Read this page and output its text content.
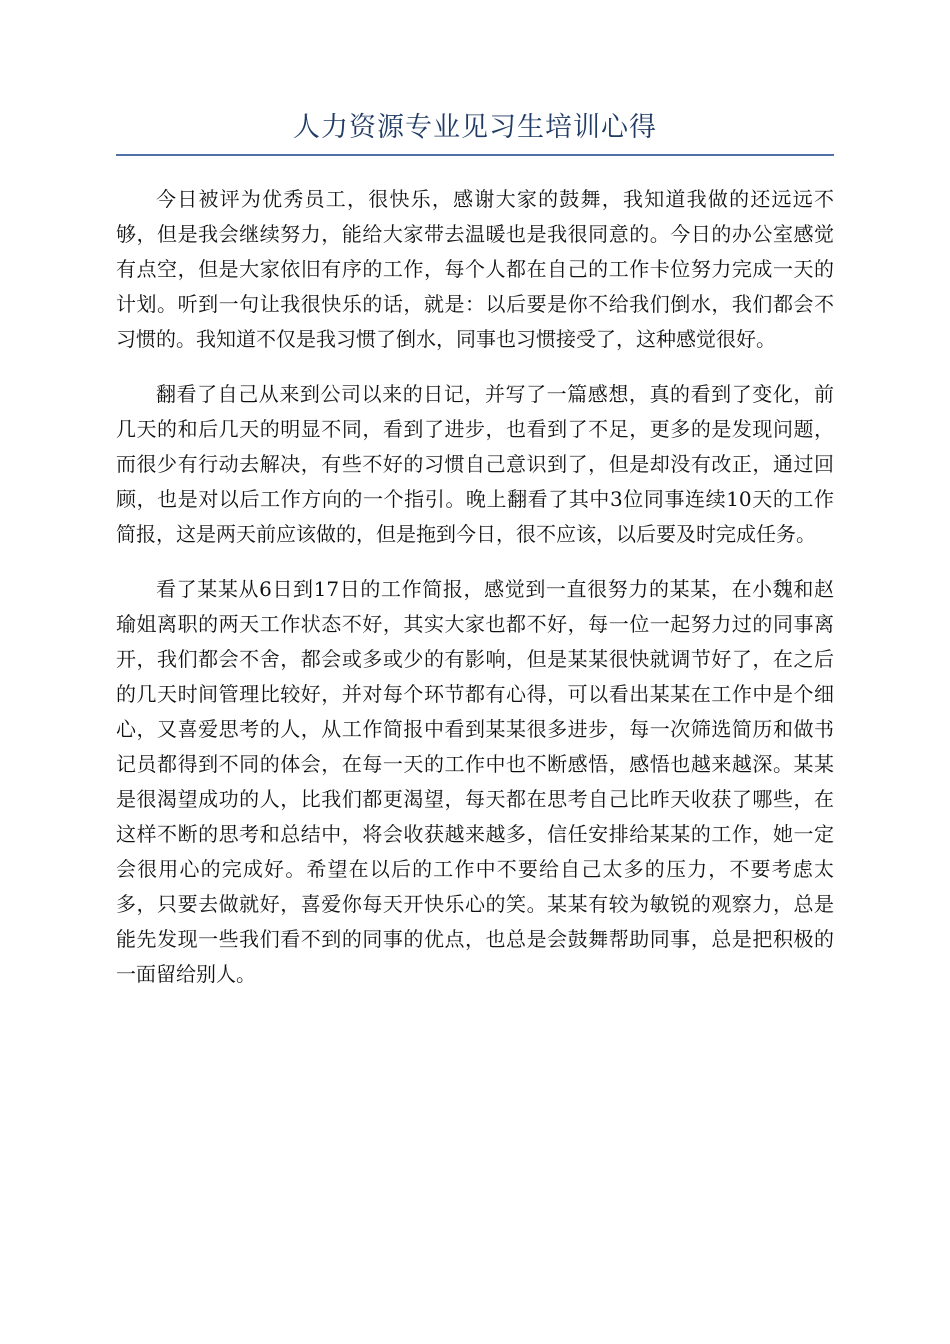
人力资源专业见习生培训心得

今日被评为优秀员工，很快乐，感谢大家的鼓舞，我知道我做的还远远不够，但是我会继续努力，能给大家带去温暖也是我很同意的。今日的办公室感觉有点空，但是大家依旧有序的工作，每个人都在自己的工作卡位努力完成一天的计划。听到一句让我很快乐的话，就是：以后要是你不给我们倒水，我们都会不习惯的。我知道不仅是我习惯了倒水，同事也习惯接受了，这种感觉很好。

翻看了自己从来到公司以来的日记，并写了一篇感想，真的看到了变化，前几天的和后几天的明显不同，看到了进步，也看到了不足，更多的是发现问题，而很少有行动去解决，有些不好的习惯自己意识到了，但是却没有改正，通过回顾，也是对以后工作方向的一个指引。晚上翻看了其中3位同事连续10天的工作简报，这是两天前应该做的，但是拖到今日，很不应该，以后要及时完成任务。

看了某某从6日到17日的工作简报，感觉到一直很努力的某某，在小魏和赵瑜姐离职的两天工作状态不好，其实大家也都不好，每一位一起努力过的同事离开，我们都会不舍，都会或多或少的有影响，但是某某很快就调节好了，在之后的几天时间管理比较好，并对每个环节都有心得，可以看出某某在工作中是个细心，又喜爱思考的人，从工作简报中看到某某很多进步，每一次筛选简历和做书记员都得到不同的体会，在每一天的工作中也不断感悟，感悟也越来越深。某某是很渴望成功的人，比我们都更渴望，每天都在思考自己比昨天收获了哪些，在这样不断的思考和总结中，将会收获越来越多，信任安排给某某的工作，她一定会很用心的完成好。希望在以后的工作中不要给自己太多的压力，不要考虑太多，只要去做就好，喜爱你每天开快乐心的笑。某某有较为敏锐的观察力，总是能先发现一些我们看不到的同事的优点，也总是会鼓舞帮助同事，总是把积极的一面留给别人。
